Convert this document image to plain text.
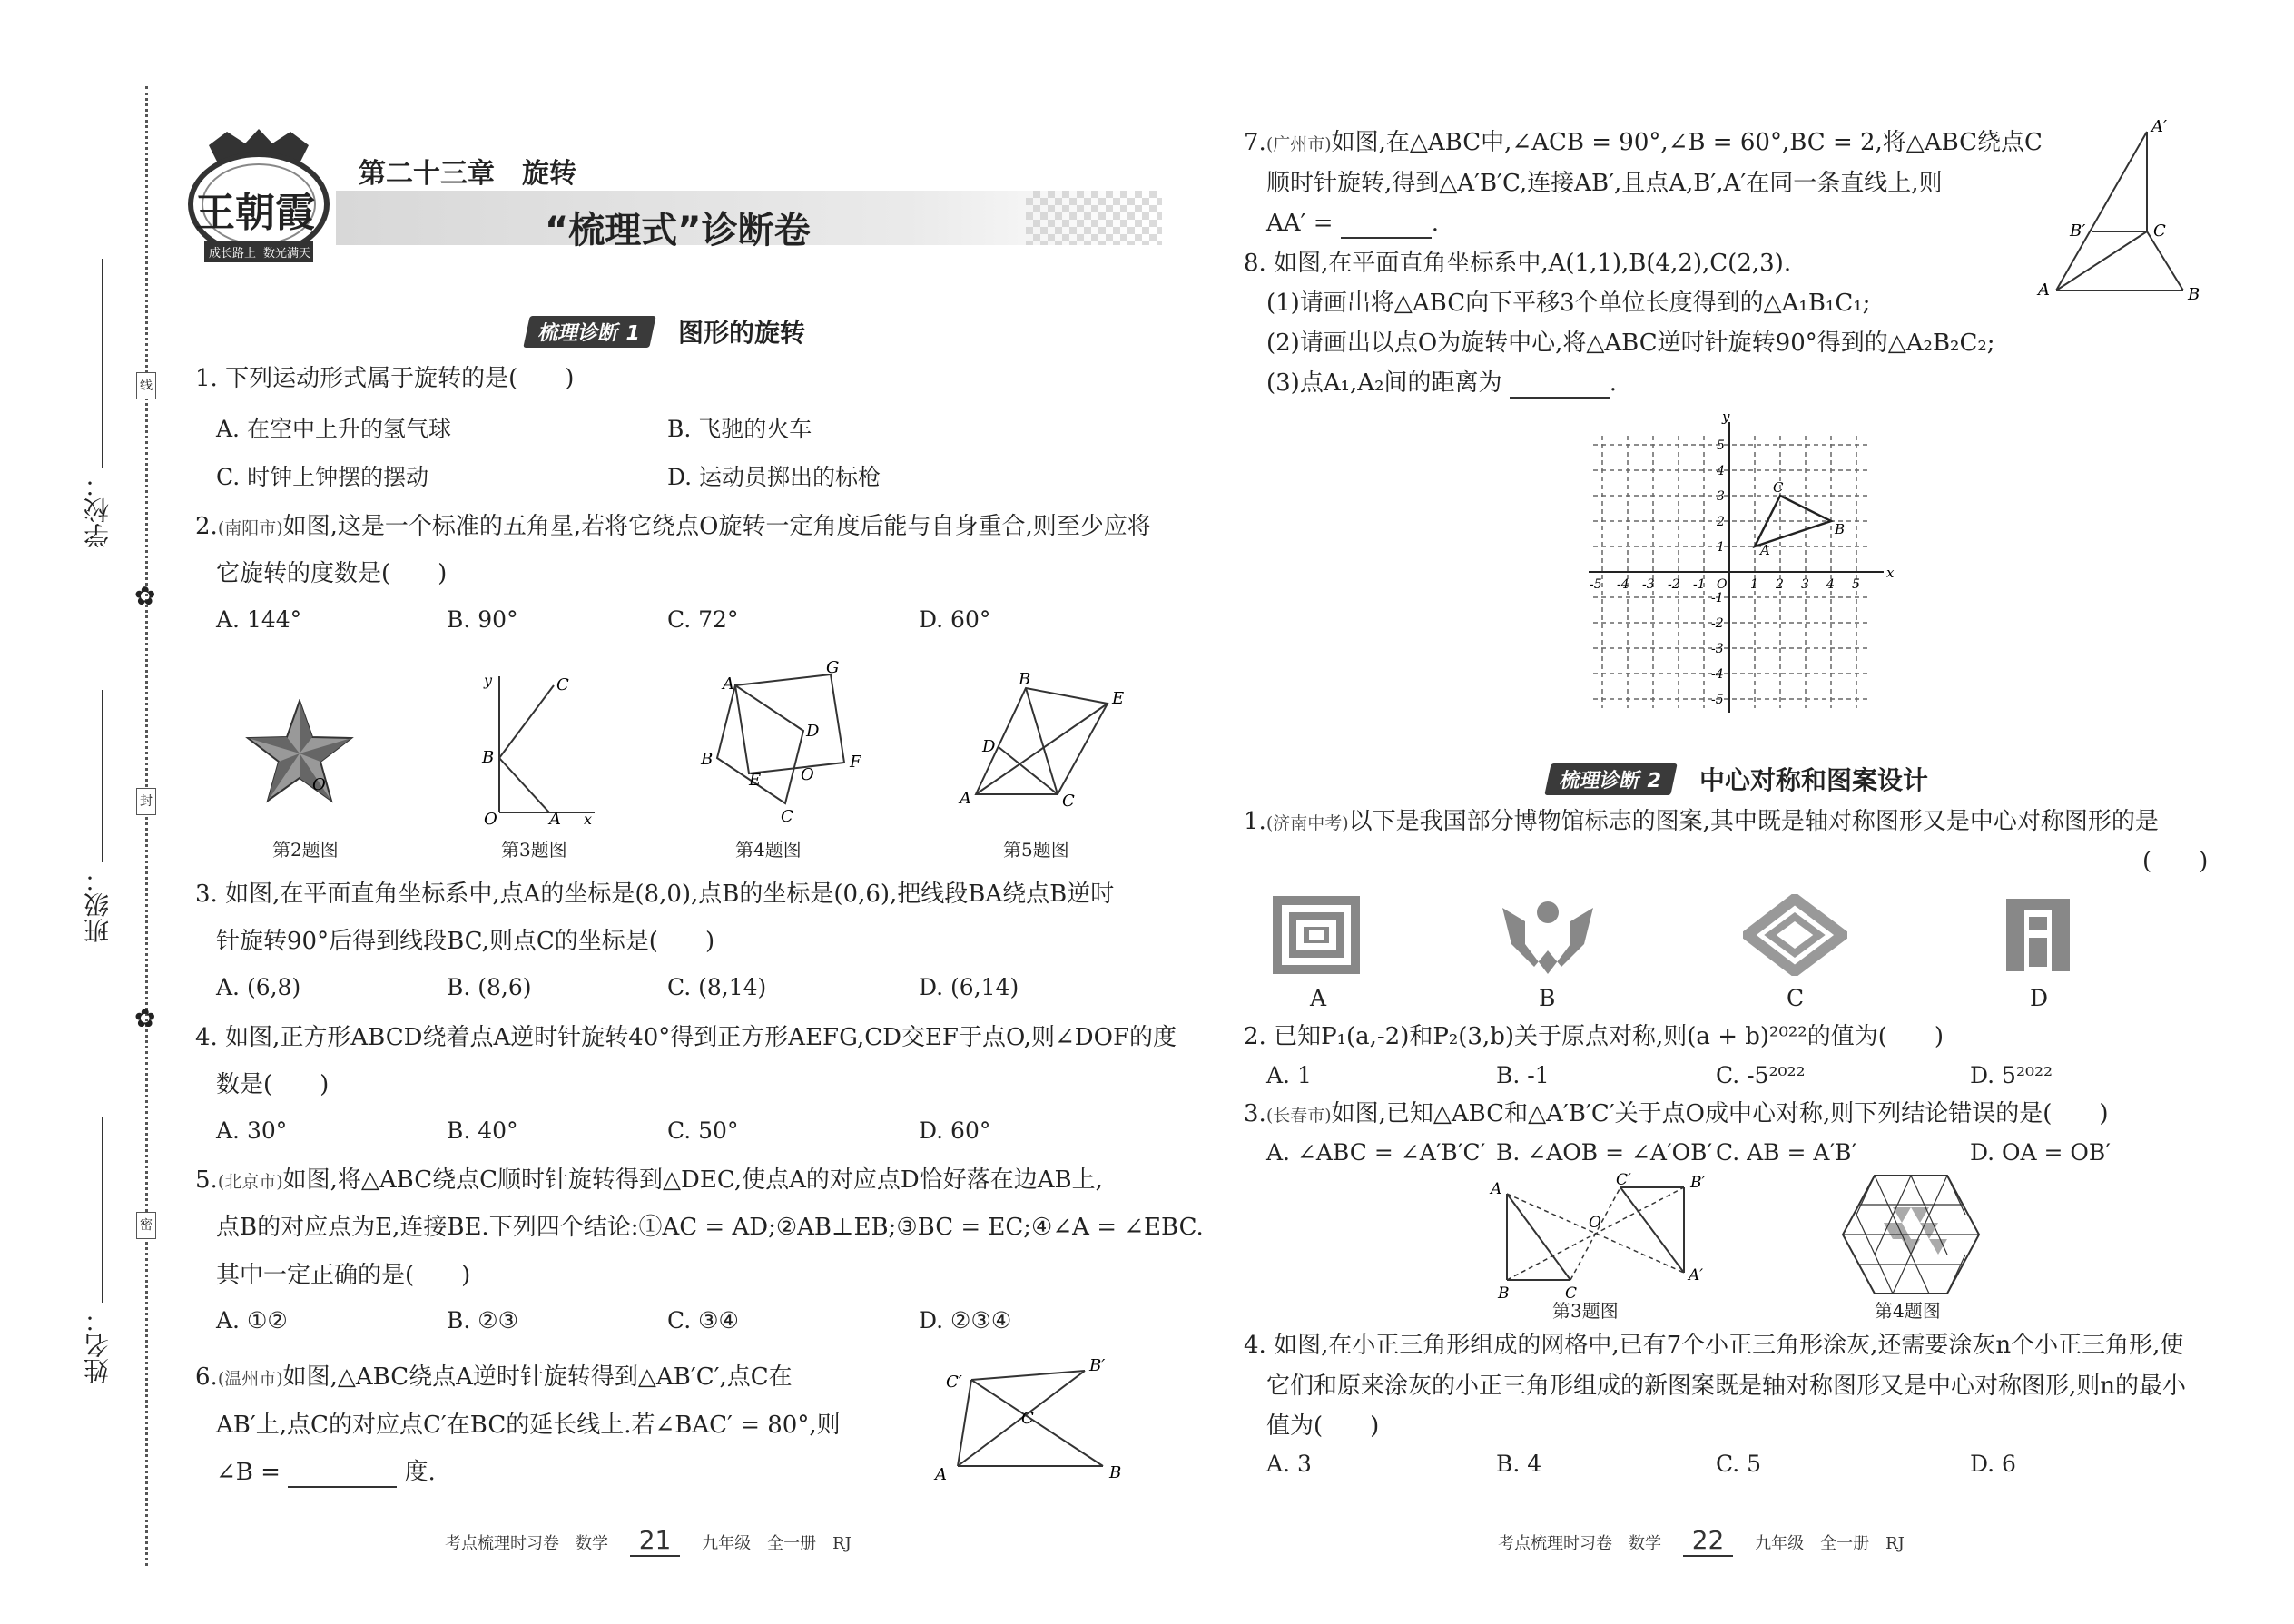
学校：
班级：
姓名：
线
封
密
✿
✿
王朝霞
成长路上 数光满天
第二十三章　旋转
“梳理式”诊断卷
梳理诊断 1	图形的旋转
1. 下列运动形式属于旋转的是(　　)
A. 在空中上升的氢气球	B. 飞驰的火车
C. 时钟上钟摆的摆动	D. 运动员掷出的标枪
2.(南阳市)如图,这是一个标准的五角星,若将它绕点O旋转一定角度后能与自身重合,则至少应将
它旋转的度数是(　　)
A. 144°	B. 90°	C. 72°	D. 60°
O
第2题图
y	C
B
O	A x
第3题图
A
G
D
F
B
E O
C
第4题图
B
E
D
A	C
第5题图
3. 如图,在平面直角坐标系中,点A的坐标是(8,0),点B的坐标是(0,6),把线段BA绕点B逆时
针旋转90°后得到线段BC,则点C的坐标是(　　)
A. (6,8)	B. (8,6)	C. (8,14)	D. (6,14)
4. 如图,正方形ABCD绕着点A逆时针旋转40°得到正方形AEFG,CD交EF于点O,则∠DOF的度
数是(　　)
A. 30°	B. 40°	C. 50°	D. 60°
5.(北京市)如图,将△ABC绕点C顺时针旋转得到△DEC,使点A的对应点D恰好落在边AB上,
点B的对应点为E,连接BE.下列四个结论:①AC = AD;②AB⊥EB;③BC = EC;④∠A = ∠EBC.
其中一定正确的是(　　)
A. ①②	B. ②③	C. ③④	D. ②③④
6.(温州市)如图,△ABC绕点A逆时针旋转得到△AB′C′,点C在
AB′上,点C的对应点C′在BC的延长线上.若∠BAC′ = 80°,则
∠B =	度.
C′
B′
C
A	B
考点梳理时习卷　数学 21 九年级　全一册　RJ
7.(广州市)如图,在△ABC中,∠ACB = 90°,∠B = 60°,BC = 2,将△ABC绕点C
顺时针旋转,得到△A′B′C,连接AB′,且点A,B′,A′在同一条直线上,则
AA′ =	.
A′
B′	C
A	B
8. 如图,在平面直角坐标系中,A(1,1),B(4,2),C(2,3).
(1)请画出将△ABC向下平移3个单位长度得到的△A₁B₁C₁;
(2)请画出以点O为旋转中心,将△ABC逆时针旋转90°得到的△A₂B₂C₂;
(3)点A₁,A₂间的距离为	.
A
B
C
y
x
-5 -4 -3 -2 -1 O 1 2 3 4 5
5
4
3
2
1
-1
-2
-3
-4
-5
梳理诊断 2	中心对称和图案设计
1.(济南中考)以下是我国部分博物馆标志的图案,其中既是轴对称图形又是中心对称图形的是
(　　)
A	B	C	D
2. 已知P₁(a,-2)和P₂(3,b)关于原点对称,则(a + b)²⁰²²的值为(　　)
A. 1	B. -1	C. -5²⁰²²	D. 5²⁰²²
3.(长春市)如图,已知△ABC和△A′B′C′关于点O成中心对称,则下列结论错误的是(　　)
A. ∠ABC = ∠A′B′C′ B. ∠AOB = ∠A′OB′ C. AB = A′B′	D. OA = OB′
A	B′
C′
O
A′
C
B
第3题图	第4题图
4. 如图,在小正三角形组成的网格中,已有7个小正三角形涂灰,还需要涂灰n个小正三角形,使
它们和原来涂灰的小正三角形组成的新图案既是轴对称图形又是中心对称图形,则n的最小
值为(　　)
A. 3	B. 4	C. 5	D. 6
考点梳理时习卷　数学 22 九年级　全一册　RJ
